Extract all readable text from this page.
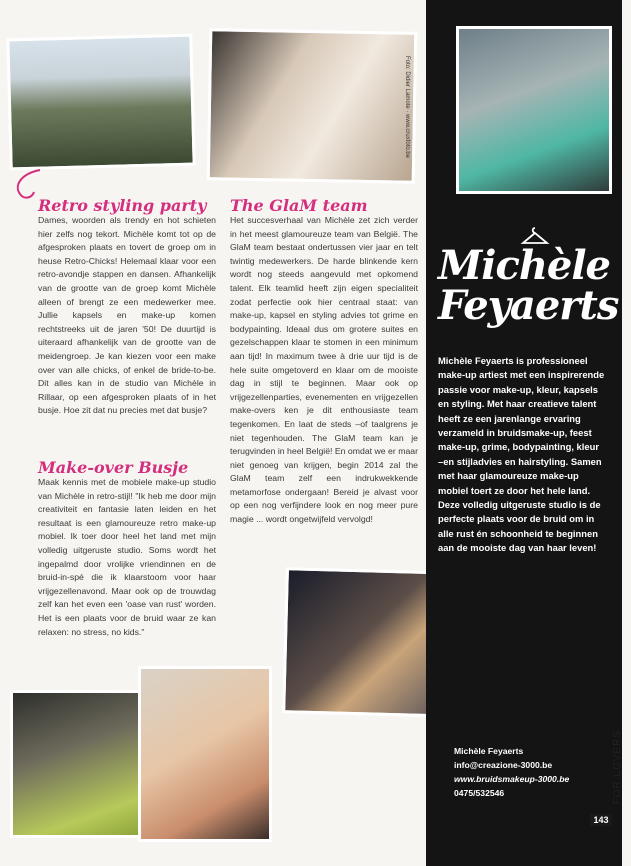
Foto: Didier Lamote · www.cruxfoto.be
Retro styling party
Dames, woorden als trendy en hot schieten hier zelfs nog tekort. Michèle komt tot op de afgesproken plaats en tovert de groep om in heuse Retro-Chicks! Helemaal klaar voor een retro-avondje stappen en dansen. Afhankelijk van de grootte van de groep komt Michèle alleen of brengt ze een medewerker mee. Jullie kapsels en make-up komen rechtstreeks uit de jaren '50! De duurtijd is uiteraard afhankelijk van de grootte van de meidengroep. Je kan kiezen voor een make over van alle chicks, of enkel de bride-to-be. Dit alles kan in de studio van Michèle in Rillaar, op een afgesproken plaats of in het busje. Hoe zit dat nu precies met dat busje?
Make-over Busje
Maak kennis met de mobiele make-up studio van Michèle in retro-stijl! "Ik heb me door mijn creativiteit en fantasie laten leiden en het resultaat is een glamoureuze retro make-up mobiel. Ik toer door heel het land met mijn volledig uitgeruste studio. Soms wordt het ingepalmd door vrolijke vriendinnen en de bruid-in-spé die ik klaarstoom voor haar vrijgezellenavond. Maar ook op de trouwdag zelf kan het even een 'oase van rust' worden. Het is een plaats voor de bruid waar ze kan relaxen: no stress, no kids."
The GlaM team
Het succesverhaal van Michèle zet zich verder in het meest glamoureuze team van België. The GlaM team bestaat ondertussen vier jaar en telt twintig medewerkers. De harde blinkende kern wordt nog steeds aangevuld met opkomend talent. Elk teamlid heeft zijn eigen specialiteit zodat perfectie ook hier centraal staat: van make-up, kapsel en styling advies tot grime en bodypainting. Ideaal dus om grotere suites en gezelschappen klaar te stomen in een minimum aan tijd! In maximum twee à drie uur tijd is de hele suite omgetoverd en klaar om de mooiste dag in stijl te beginnen. Maar ook op vrijgezellenparties, evenementen en vrijgezellen make-overs ken je dit enthousiaste team tegenkomen. En laat de steds –of taalgrens je niet tegenhouden. The GlaM team kan je terugvinden in heel België! En omdat we er maar niet genoeg van krijgen, begin 2014 zal the GlaM team zelf een indrukwekkende metamorfose ondergaan! Bereid je alvast voor op een nog verfijndere look en nog meer pure magie ... wordt ongetwijfeld vervolgd!
Michèle
Feyaerts
Michèle Feyaerts is professioneel make-up artiest met een inspirerende passie voor make-up, kleur, kapsels en styling. Met haar creatieve talent heeft ze een jarenlange ervaring verzameld in bruidsmake-up, feest make-up, grime, bodypainting, kleur –en stijladvies en hairstyling. Samen met haar glamoureuze make-up mobiel toert ze door het hele land. Deze volledig uitgeruste studio is de perfecte plaats voor de bruid om in alle rust én schoonheid te beginnen aan de mooiste dag van haar leven!
Michèle Feyaerts
info@creazione-3000.be
www.bruidsmakeup-3000.be
0475/532546	FOR LOVERS
143
